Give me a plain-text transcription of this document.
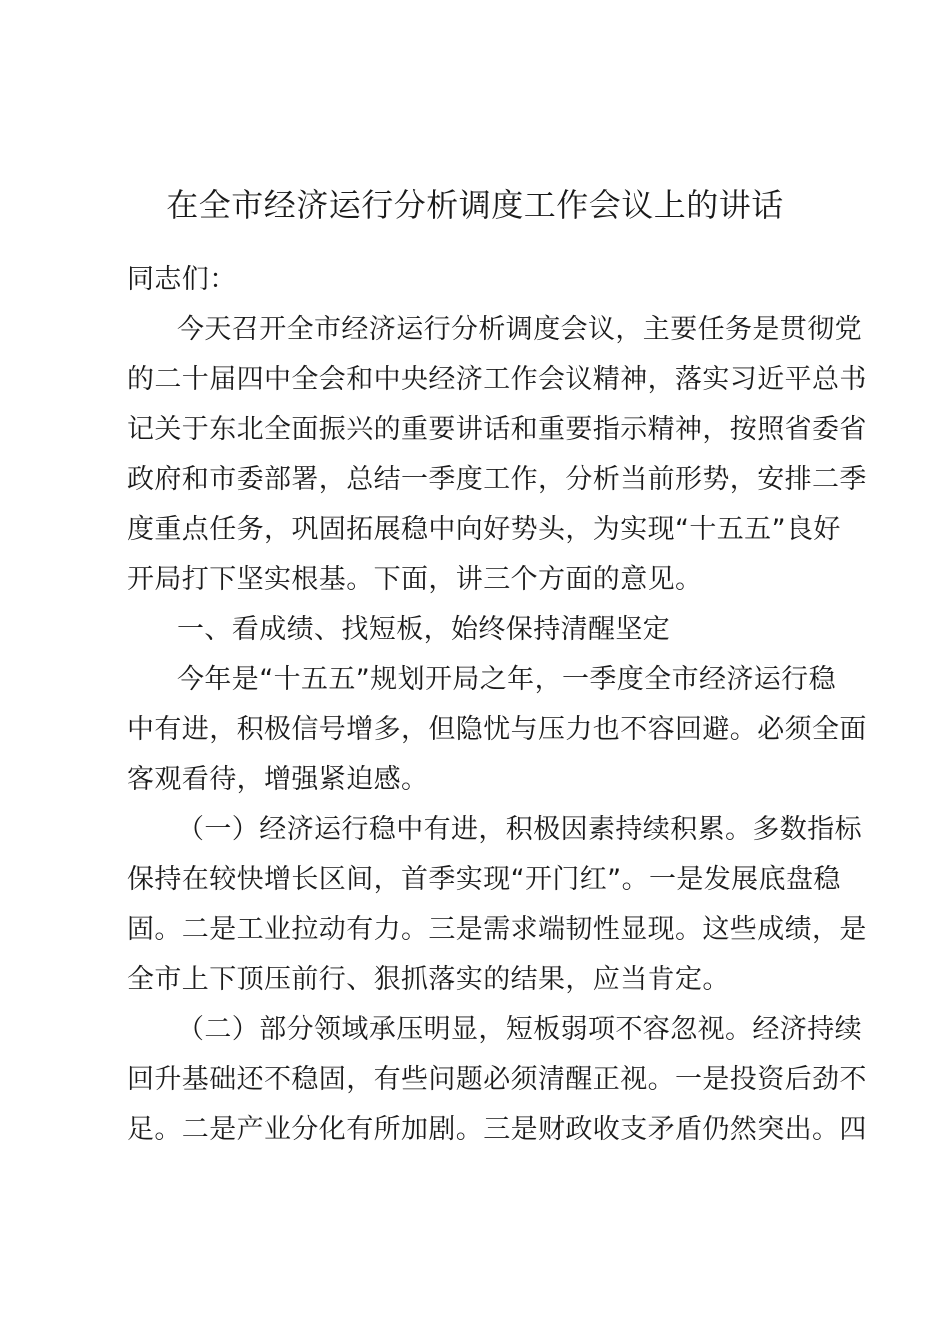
在全市经济运行分析调度工作会议上的讲话
同志们：
今天召开全市经济运行分析调度会议，主要任务是贯彻党
的二十届四中全会和中央经济工作会议精神，落实习近平总书
记关于东北全面振兴的重要讲话和重要指示精神，按照省委省
政府和市委部署，总结一季度工作，分析当前形势，安排二季
度重点任务，巩固拓展稳中向好势头，为实现“十五五”良好
开局打下坚实根基。下面，讲三个方面的意见。
一、看成绩、找短板，始终保持清醒坚定
今年是“十五五”规划开局之年，一季度全市经济运行稳
中有进，积极信号增多，但隐忧与压力也不容回避。必须全面
客观看待，增强紧迫感。
（一）经济运行稳中有进，积极因素持续积累。多数指标
保持在较快增长区间，首季实现“开门红”。一是发展底盘稳
固。二是工业拉动有力。三是需求端韧性显现。这些成绩，是
全市上下顶压前行、狠抓落实的结果，应当肯定。
（二）部分领域承压明显，短板弱项不容忽视。经济持续
回升基础还不稳固，有些问题必须清醒正视。一是投资后劲不
足。二是产业分化有所加剧。三是财政收支矛盾仍然突出。四
